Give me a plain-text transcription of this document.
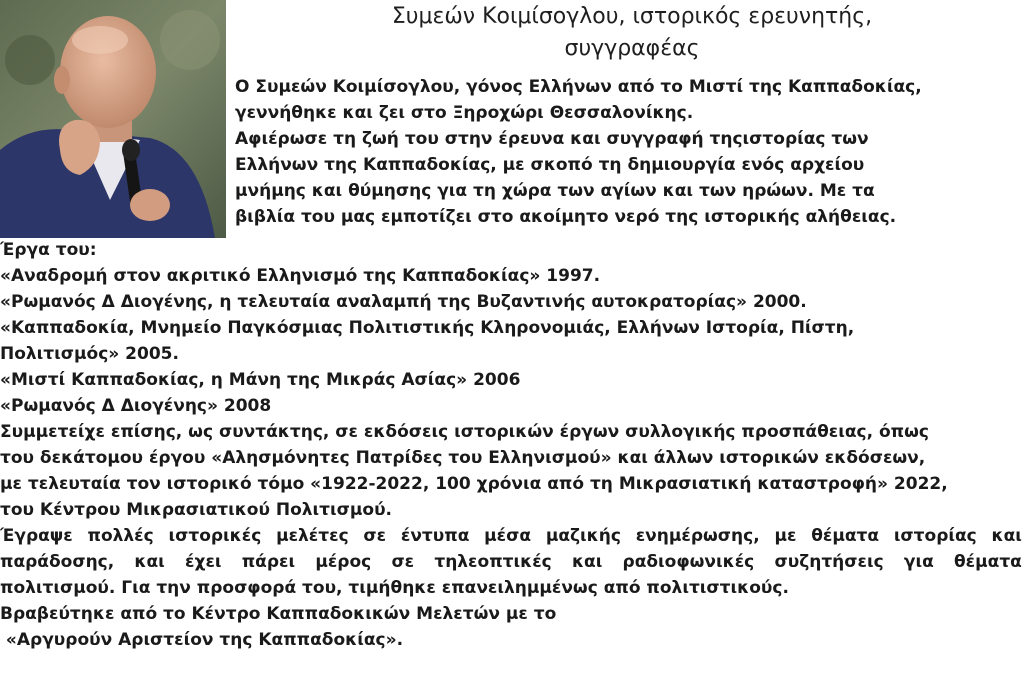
Συμεών Κοιμίσογλου, ιστορικός ερευνητής,
συγγραφέας
Ο Συμεών Κοιμίσογλου, γόνος Ελλήνων από το Μιστί της Καππαδοκίας,
γεννήθηκε και ζει στο Ξηροχώρι Θεσσαλονίκης.
Αφιέρωσε τη ζωή του στην έρευνα και συγγραφή τηςιστορίας των
Ελλήνων της Καππαδοκίας, με σκοπό τη δημιουργία ενός αρχείου
μνήμης και θύμησης για τη χώρα των αγίων και των ηρώων. Με τα
βιβλία του μας εμποτίζει στο ακοίμητο νερό της ιστορικής αλήθειας.
Έργα του:
«Αναδρομή στον ακριτικό Ελληνισμό της Καππαδοκίας» 1997.
«Ρωμανός Δ Διογένης, η τελευταία αναλαμπή της Βυζαντινής αυτοκρατορίας» 2000.
«Καππαδοκία, Μνημείο Παγκόσμιας Πολιτιστικής Κληρονομιάς, Ελλήνων Ιστορία, Πίστη,
Πολιτισμός» 2005.
«Μιστί Καππαδοκίας, η Μάνη της Μικράς Ασίας» 2006
«Ρωμανός Δ Διογένης» 2008
Συμμετείχε επίσης, ως συντάκτης, σε εκδόσεις ιστορικών έργων συλλογικής προσπάθειας, όπως
του δεκάτομου έργου «Αλησμόνητες Πατρίδες του Ελληνισμού» και άλλων ιστορικών εκδόσεων,
με τελευταία τον ιστορικό τόμο «1922-2022, 100 χρόνια από τη Μικρασιατική καταστροφή» 2022,
του Κέντρου Μικρασιατικού Πολιτισμού.
Έγραψε πολλές ιστορικές μελέτες σε έντυπα μέσα μαζικής ενημέρωσης, με θέματα ιστορίας και
παράδοσης, και έχει πάρει μέρος σε τηλεοπτικές και ραδιοφωνικές συζητήσεις για θέματα
πολιτισμού. Για την προσφορά του, τιμήθηκε επανειλημμένως από πολιτιστικούς.
Βραβεύτηκε από το Κέντρο Καππαδοκικών Μελετών με το
«Αργυρούν Αριστείον της Καππαδοκίας».
